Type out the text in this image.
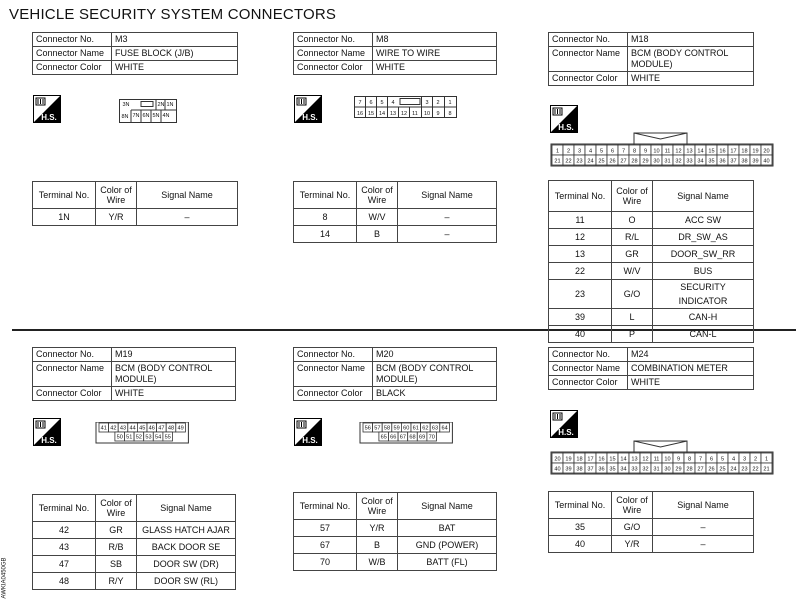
VEHICLE SECURITY SYSTEM CONNECTORS
AWKIA0450GB
Connector No.	M3
Connector Name	FUSE BLOCK (J/B)
Connector Color	WHITE
H.S.
3N	2N 1N
8N 7N 6N 5N 4N
Terminal No.	Color of Wire	Signal Name
1N	Y/R	–
Connector No.	M8
Connector Name	WIRE TO WIRE
Connector Color	WHITE
H.S.
7 6 5 4	3 2 1
16 15 14 13 12 11 10 9 8
Terminal No.	Color of Wire	Signal Name
8	W/V	–
14	B	–
Connector No.	M18
Connector Name	BCM (BODY CONTROL MODULE)
Connector Color	WHITE
H.S.
1 2 3 4 5 6 7 8 9 10 11 12 13 14 15 16 17 18 19 20
21 22 23 24 25 26 27 28 29 30 31 32 33 34 35 36 37 38 39 40
Terminal No.	Color of Wire	Signal Name
11	O	ACC SW
12	R/L	DR_SW_AS
13	GR	DOOR_SW_RR
22	W/V	BUS
23	G/O	SECURITY INDICATOR
39	L	CAN-H
40	P	CAN-L
Connector No.	M19
Connector Name	BCM (BODY CONTROL MODULE)
Connector Color	WHITE
H.S.
41 42 43 44 45 46 47 48 49
50 51 52 53 54 55
Terminal No.	Color of Wire	Signal Name
42	GR	GLASS HATCH AJAR
43	R/B	BACK DOOR SE
47	SB	DOOR SW (DR)
48	R/Y	DOOR SW (RL)
Connector No.	M20
Connector Name	BCM (BODY CONTROL MODULE)
Connector Color	BLACK
H.S.
56 57 58 59 60 61 62 63 64
65 66 67 68 69 70
Terminal No.	Color of Wire	Signal Name
57	Y/R	BAT
67	B	GND (POWER)
70	W/B	BATT (FL)
Connector No.	M24
Connector Name	COMBINATION METER
Connector Color	WHITE
H.S.
20 19 18 17 16 15 14 13 12 11 10 9 8 7 6 5 4 3 2 1
40 39 38 37 36 35 34 33 32 31 30 29 28 27 26 25 24 23 22 21
Terminal No.	Color of Wire	Signal Name
35	G/O	–
40	Y/R	–
